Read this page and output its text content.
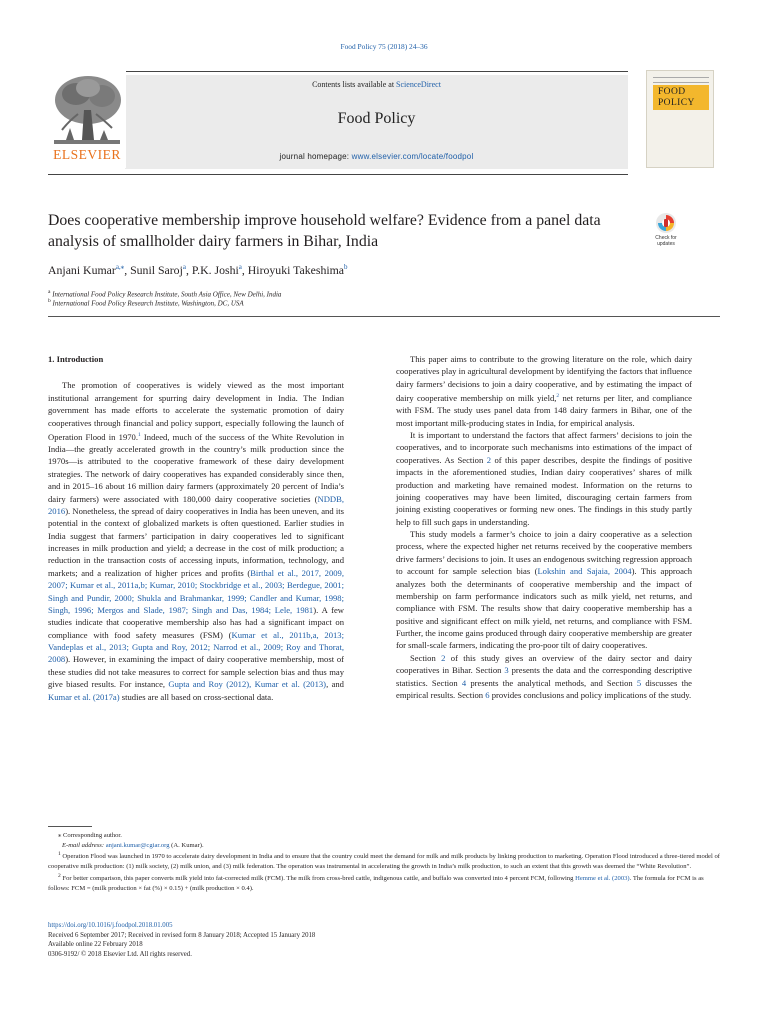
Food Policy 75 (2018) 24–36
Contents lists available at ScienceDirect
Food Policy
journal homepage: www.elsevier.com/locate/foodpol
ELSEVIER
FOOD POLICY
Does cooperative membership improve household welfare? Evidence from a panel data analysis of smallholder dairy farmers in Bihar, India	Check for updates
Anjani Kumar$^{a,⁎}$, Sunil Saroj$^a$, P.K. Joshi$^a$, Hiroyuki Takeshima$^b$
$^a$ International Food Policy Research Institute, South Asia Office, New Delhi, India
$^b$ International Food Policy Research Institute, Washington, DC, USA

1. Introduction

The promotion of cooperatives is widely viewed as the most important institutional arrangement for spurring dairy development in India. The Indian government has made efforts to accelerate the systematic promotion of dairy cooperatives through financial and policy support, especially following the launch of Operation Flood in 1970.$^1$ Indeed, much of the success of the White Revolution in India—the greatly accelerated growth in the country’s milk production since the 1970s—is attributed to the cooperative framework of these dairy development strategies. The network of dairy cooperatives has expanded considerably since then, and in 2015–16 about 16 million dairy farmers (approximately 20 percent of India’s dairy farmers) were associated with 180,000 dairy cooperative societies (NDDB, 2016). Nonetheless, the spread of dairy cooperatives in India has been uneven, and its potential in the context of globalized markets is often questioned. Earlier studies in India suggest that farmers’ participation in dairy cooperatives led to significant increases in milk production and yield; a decrease in the cost of milk production; a reduction in the transaction costs of accessing inputs, information, technology, and markets; and a realization of higher prices and profits (Birthal et al., 2017, 2009, 2007; Kumar et al., 2011a,b; Kumar, 2010; Stockbridge et al., 2003; Berdegue, 2001; Singh and Pundir, 2000; Shukla and Brahmankar, 1999; Candler and Kumar, 1998; Singh, 1996; Mergos and Slade, 1987; Singh and Das, 1984; Lele, 1981). A few studies indicate that cooperative membership also has had a significant impact on compliance with food safety measures (FSM) (Kumar et al., 2011b,a, 2013; Vandeplas et al., 2013; Gupta and Roy, 2012; Narrod et al., 2009; Roy and Thorat, 2008). However, in examining the impact of dairy cooperative membership, most of these studies did not take measures to correct for sample selection bias and thus may give biased results. For instance, Gupta and Roy (2012), Kumar et al. (2013), and Kumar et al. (2017a) studies are all based on cross-sectional data.

This paper aims to contribute to the growing literature on the role, which dairy cooperatives play in agricultural development by identifying the factors that influence dairy farmers’ decisions to join a dairy cooperative, and by estimating the impact of dairy cooperative membership on milk yield,$^2$ net returns per liter, and compliance with FSM. The study uses panel data from 148 dairy farmers in Bihar, one of the most important milk-producing states in India, for empirical analysis.

It is important to understand the factors that affect farmers’ decisions to join the cooperatives, and to incorporate such mechanisms into estimations of the impact of cooperatives. As Section 2 of this paper describes, despite the findings of positive impacts in the aforementioned studies, Indian dairy cooperatives’ shares of milk production and marketing have remained modest. Information on the returns to joining cooperatives may have been limited, discouraging certain farmers from joining existing cooperatives or forming new ones. The findings in this study partly help to fill such gaps in understanding.

This study models a farmer’s choice to join a dairy cooperative as a selection process, where the expected higher net returns received by the cooperative members drive farmers’ decisions to join. It uses an endogenous switching regression approach to account for sample selection bias (Lokshin and Sajaia, 2004). This approach analyzes both the determinants of cooperative membership and the impact of membership on farm performance indicators such as milk yield, net returns, and compliance with FSM. The results show that dairy cooperative membership has a positive and significant effect on milk yield, net returns, and compliance with FSM. Further, the income gains produced through dairy cooperative membership are greater for small-scale farmers, indicating the pro-poor tilt of dairy cooperatives.

Section 2 of this study gives an overview of the dairy sector and dairy cooperatives in Bihar. Section 3 presents the data and the corresponding descriptive statistics. Section 4 presents the analytical methods, and Section 5 discusses the empirical results. Section 6 provides conclusions and policy implications of the study.

⁎ Corresponding author.

E-mail address: anjani.kumar@cgiar.org (A. Kumar).

$^1$ Operation Flood was launched in 1970 to accelerate dairy development in India and to ensure that the country could meet the demand for milk and milk products by linking production to marketing. Operation Flood introduced a three-tiered model of cooperative milk production: (1) milk society, (2) milk union, and (3) milk federation. The operation was instrumental in accelerating the growth in India’s milk production, to such an extent that this growth was deemed the “White Revolution”.

$^2$ For better comparison, this paper converts milk yield into fat-corrected milk (FCM). The milk from cross-bred cattle, indigenous cattle, and buffalo was converted into 4 percent FCM, following Hemme et al. (2003). The formula for FCM is as follows: FCM = (milk production × fat (%) × 0.15) + (milk production × 0.4).

https://doi.org/10.1016/j.foodpol.2018.01.005

Received 6 September 2017; Received in revised form 8 January 2018; Accepted 15 January 2018

Available online 22 February 2018

0306-9192/ © 2018 Elsevier Ltd. All rights reserved.
